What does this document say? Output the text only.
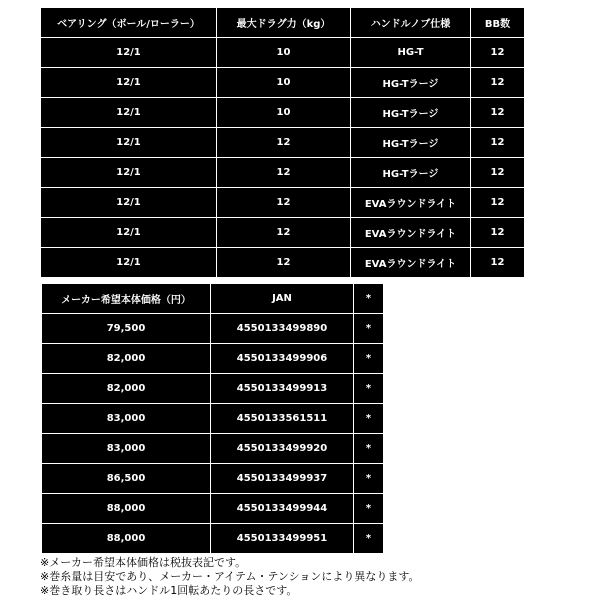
ベアリング（ボール/ローラー）	最大ドラグ力（kg）	ハンドルノブ仕様	BB数
12/1	10	HG-T	12
12/1	10	HG-Tラージ	12
12/1	10	HG-Tラージ	12
12/1	12	HG-Tラージ	12
12/1	12	HG-Tラージ	12
12/1	12	EVAラウンドライト	12
12/1	12	EVAラウンドライト	12
12/1	12	EVAラウンドライト	12
メーカー希望本体価格（円）	JAN	*
79,500	4550133499890	*
82,000	4550133499906	*
82,000	4550133499913	*
83,000	4550133561511	*
83,000	4550133499920	*
86,500	4550133499937	*
88,000	4550133499944	*
88,000	4550133499951	*
※メーカー希望本体価格は税抜表記です。
※巻糸量は目安であり、メーカー・アイテム・テンションにより異なります。
※巻き取り長さはハンドル1回転あたりの長さです。
